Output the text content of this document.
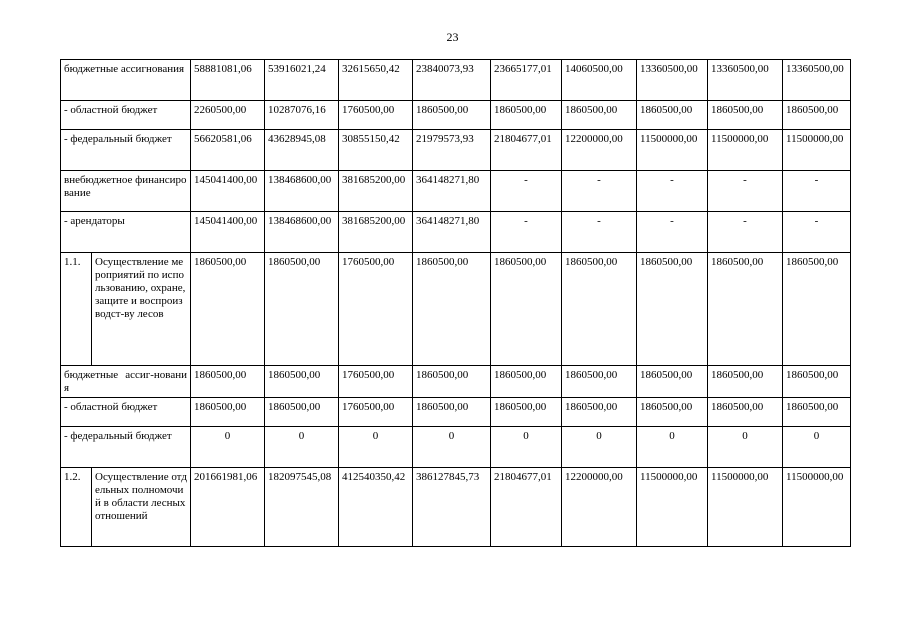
23
бюджетные ассигнования		58881081,06	53916021,24	32615650,42	23840073,93	23665177,01	14060500,00	13360500,00	13360500,00	13360500,00
- областной бюджет		2260500,00	10287076,16	1760500,00	1860500,00	1860500,00	1860500,00	1860500,00	1860500,00	1860500,00
- федеральный бюджет		56620581,06	43628945,08	30855150,42	21979573,93	21804677,01	12200000,00	11500000,00	11500000,00	11500000,00
внебюджетное финансирование		145041400,00	138468600,00	381685200,00	364148271,80	-	-	-	-	-
- арендаторы		145041400,00	138468600,00	381685200,00	364148271,80	-	-	-	-	-
1.1.	Осуществление мероприятий по использованию, охране, защите и воспроизводст-ву лесов	1860500,00	1860500,00	1760500,00	1860500,00	1860500,00	1860500,00	1860500,00	1860500,00	1860500,00
бюджетные ассиг-нования		1860500,00	1860500,00	1760500,00	1860500,00	1860500,00	1860500,00	1860500,00	1860500,00	1860500,00
- областной бюджет		1860500,00	1860500,00	1760500,00	1860500,00	1860500,00	1860500,00	1860500,00	1860500,00	1860500,00
- федеральный бюджет		0	0	0	0	0	0	0	0	0
1.2.	Осуществление отдельных полномочий в области лесных отношений	201661981,06	182097545,08	412540350,42	386127845,73	21804677,01	12200000,00	11500000,00	11500000,00	11500000,00
